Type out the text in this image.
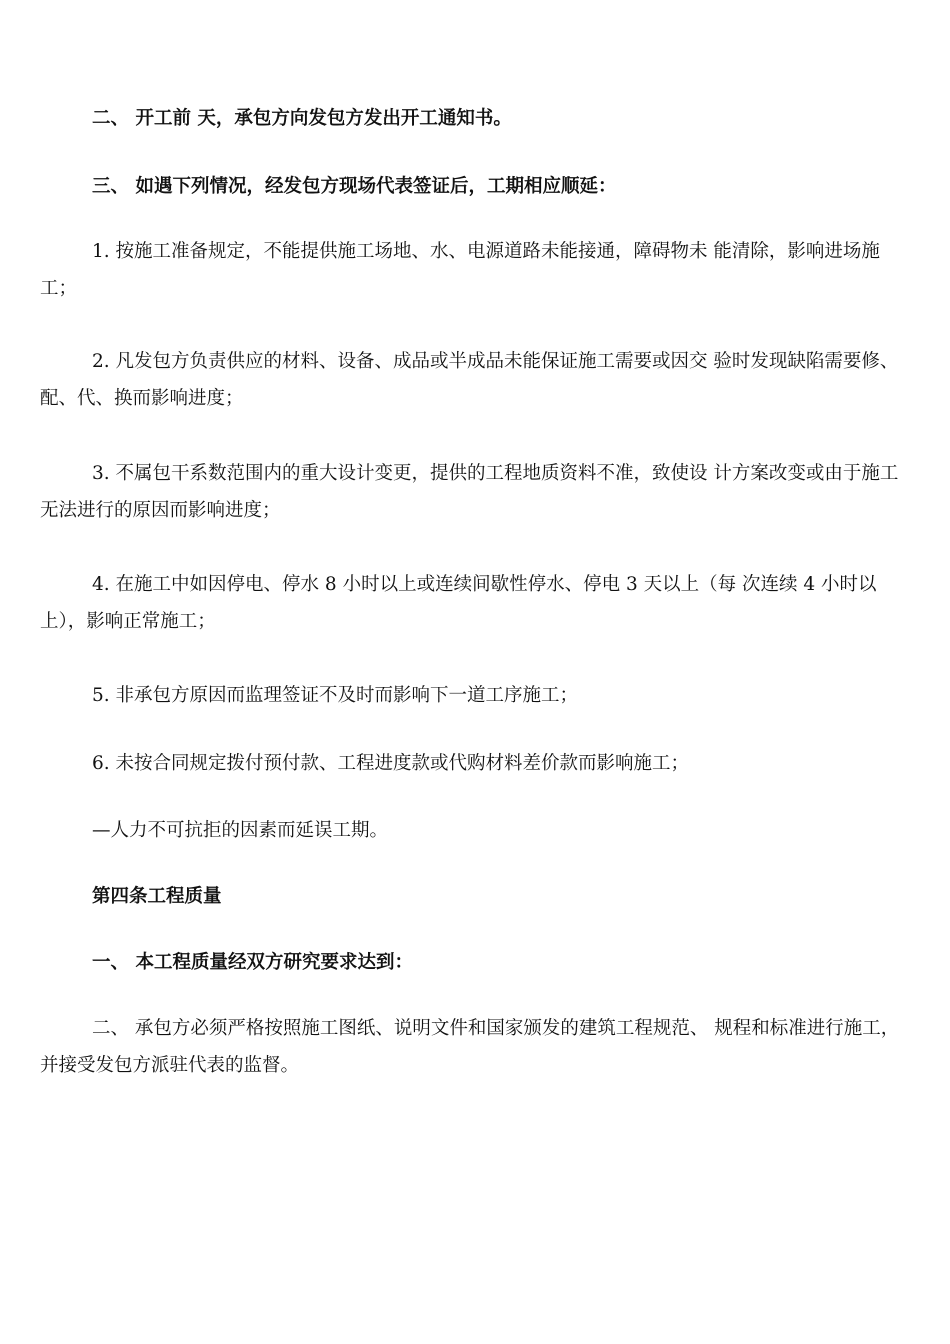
二、 开工前 天，承包方向发包方发出开工通知书。

三、 如遇下列情况，经发包方现场代表签证后，工期相应顺延：

1. 按施工准备规定，不能提供施工场地、水、电源道路未能接通，障碍物未 能清除，影响进场施工；

2. 凡发包方负责供应的材料、设备、成品或半成品未能保证施工需要或因交 验时发现缺陷需要修、配、代、换而影响进度；

3. 不属包干系数范围内的重大设计变更，提供的工程地质资料不准，致使设 计方案改变或由于施工无法进行的原因而影响进度；

4. 在施工中如因停电、停水 8 小时以上或连续间歇性停水、停电 3 天以上（每 次连续 4 小时以上），影响正常施工；

5. 非承包方原因而监理签证不及时而影响下一道工序施工；

6. 未按合同规定拨付预付款、工程进度款或代购材料差价款而影响施工；

—人力不可抗拒的因素而延误工期。

第四条工程质量

一、 本工程质量经双方研究要求达到：

二、 承包方必须严格按照施工图纸、说明文件和国家颁发的建筑工程规范、 规程和标准进行施工，并接受发包方派驻代表的监督。
